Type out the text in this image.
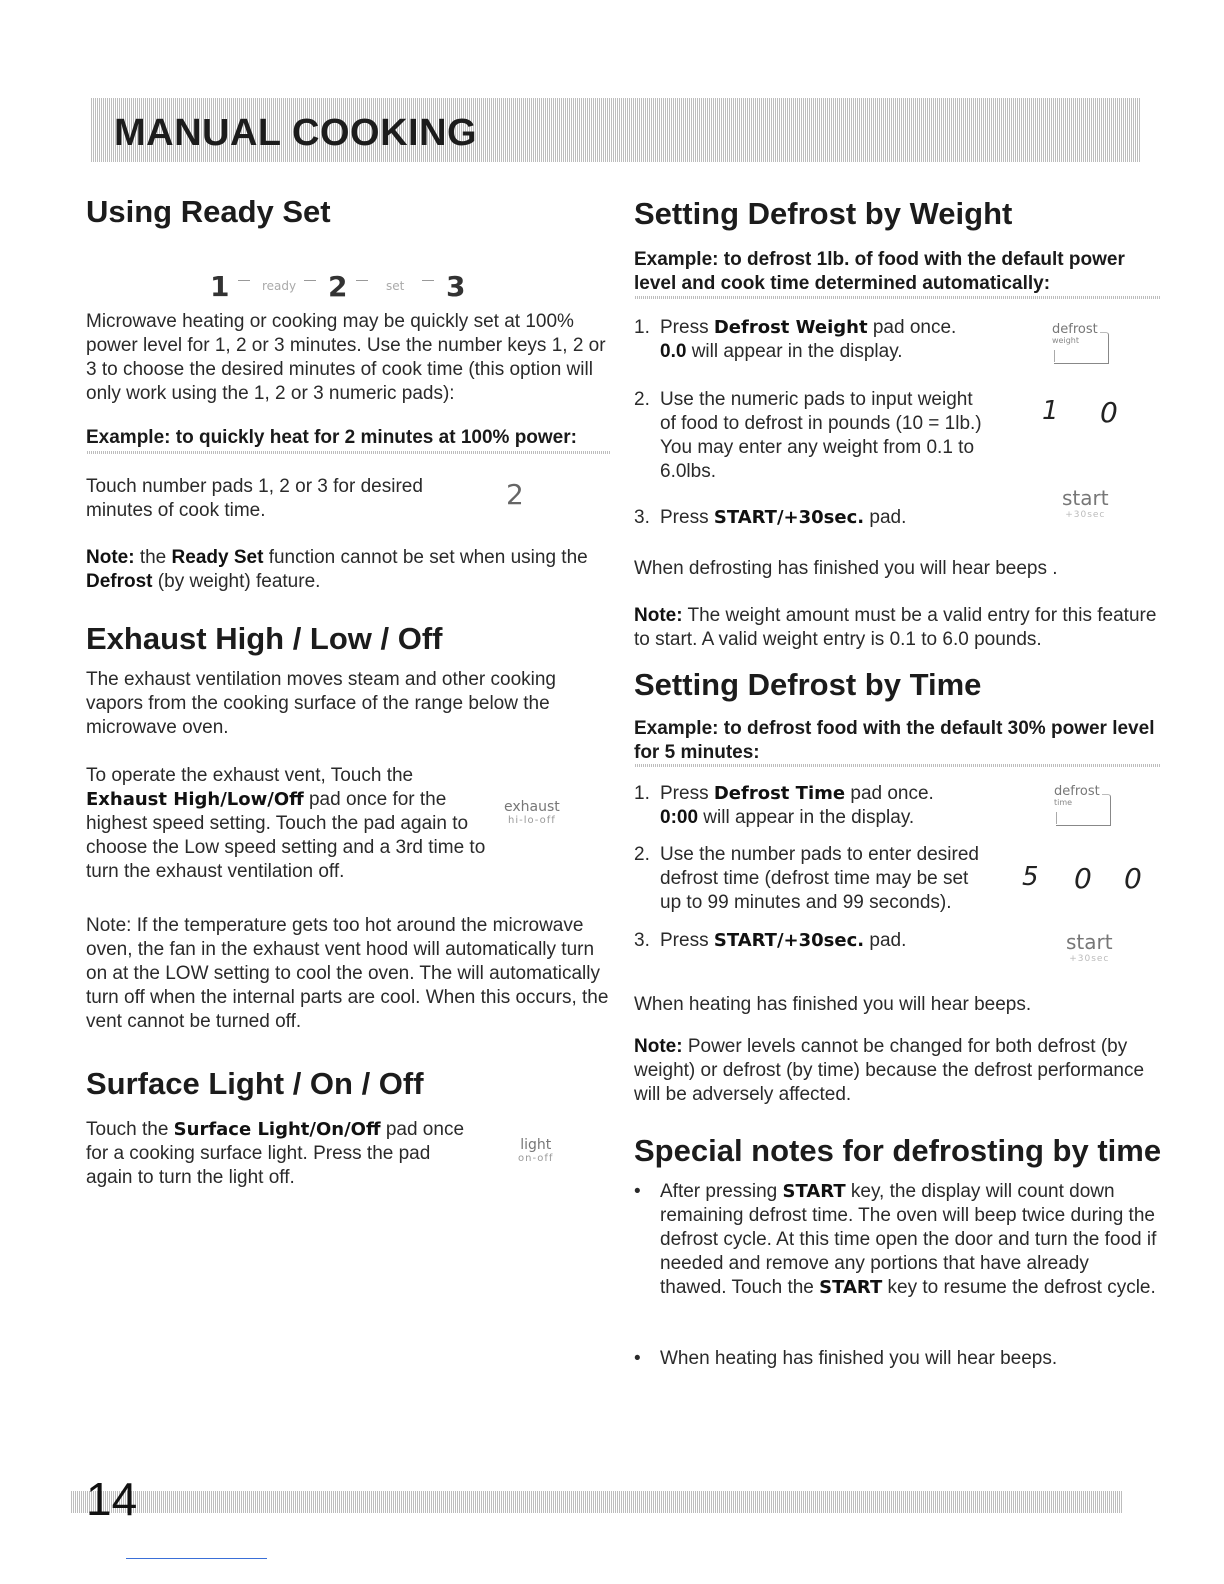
MANUAL COOKING
Using Ready Set
1	ready 2	set 3
Microwave heating or cooking may be quickly set at 100% power level for 1, 2 or 3 minutes. Use the number keys 1, 2 or 3 to choose the desired minutes of cook time (this option will only work using the 1, 2 or 3 numeric pads):
Example: to quickly heat for 2 minutes at 100% power:
Touch number pads 1, 2 or 3 for desired minutes of cook time.	2
Note: the Ready Set function cannot be set when using the Defrost (by weight) feature.
Exhaust High / Low / Off
The exhaust ventilation moves steam and other cooking vapors from the cooking surface of the range below the microwave oven.
To operate the exhaust vent, Touch the Exhaust High/Low/Off pad once for the highest speed setting. Touch the pad again to choose the Low speed setting and a 3rd time to turn the exhaust ventilation off.
exhaust
hi-lo-off
Note: If the temperature gets too hot around the microwave oven, the fan in the exhaust vent hood will automatically turn on at the LOW setting to cool the oven. The will automatically turn off when the internal parts are cool. When this occurs, the vent cannot be turned off.
Surface Light / On / Off
Touch the Surface Light/On/Off pad once for a cooking surface light. Press the pad again to turn the light off.
light
on-off
Setting Defrost by Weight
Example: to defrost 1lb. of food with the default power level and cook time determined automatically:
1. Press Defrost Weight pad once.
0.0 will appear in the display.
defrost
weight
2. Use the numeric pads to input weight of food to defrost in pounds (10 = 1lb.) You may enter any weight from 0.1 to 6.0lbs.
1 0
3. Press START/+30sec. pad.
start
+30sec
When defrosting has finished you will hear beeps .
Note: The weight amount must be a valid entry for this feature to start. A valid weight entry is 0.1 to 6.0 pounds.
Setting Defrost by Time
Example: to defrost food with the default 30% power level for 5 minutes:
1. Press Defrost Time pad once.
0:00 will appear in the display.
defrost
time
2. Use the number pads to enter desired defrost time (defrost time may be set up to 99 minutes and 99 seconds).
5 0 0
3. Press START/+30sec. pad.	start
+30sec
When heating has finished you will hear beeps.
Note: Power levels cannot be changed for both defrost (by weight) or defrost (by time) because the defrost performance will be adversely affected.
Special notes for defrosting by time
• After pressing START key, the display will count down remaining defrost time. The oven will beep twice during the defrost cycle. At this time open the door and turn the food if needed and remove any portions that have already thawed. Touch the START key to resume the defrost cycle.
• When heating has finished you will hear beeps.
14
